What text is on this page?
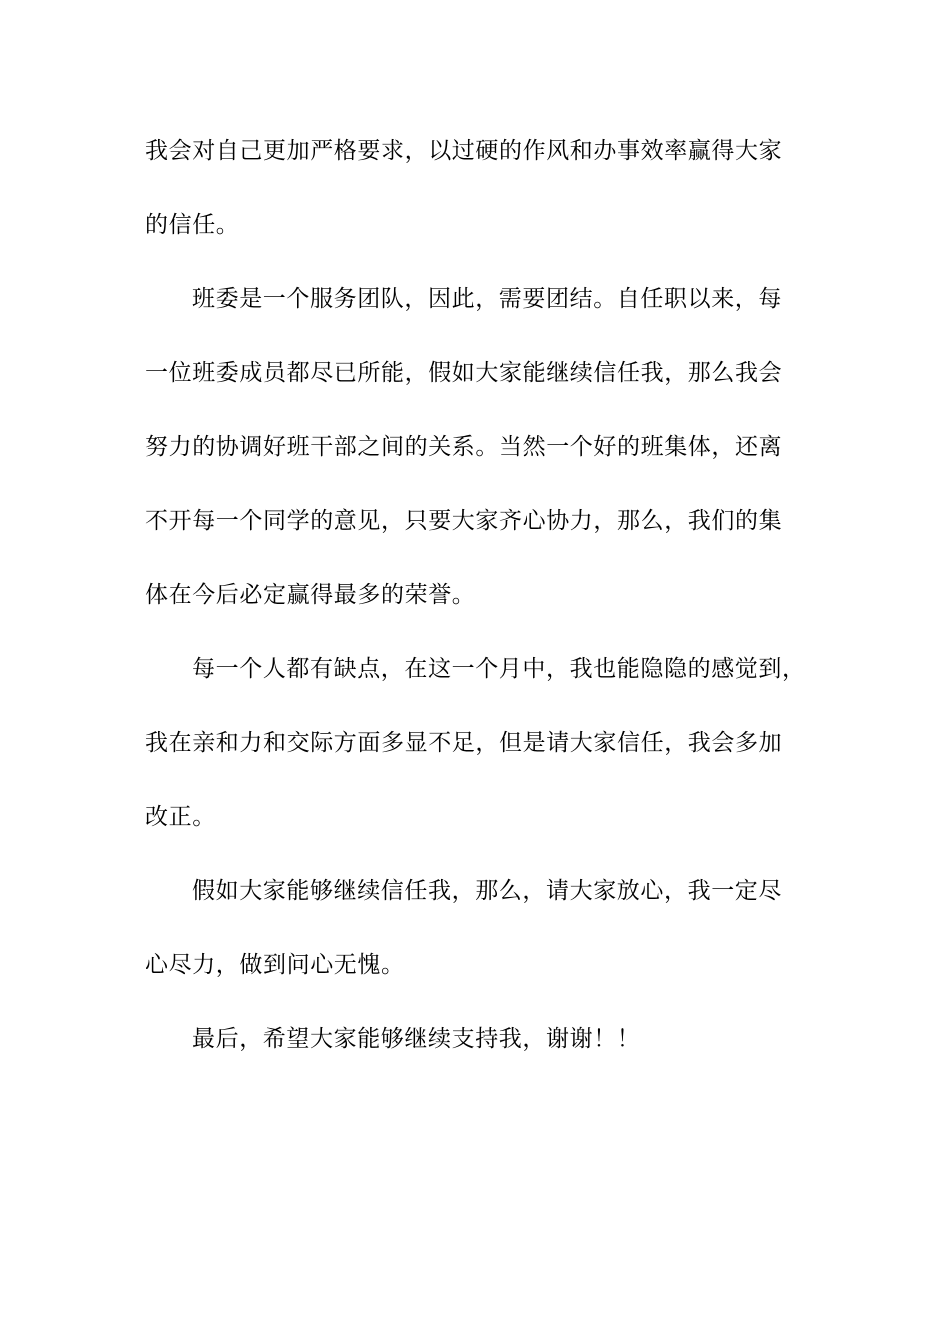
我会对自己更加严格要求，以过硬的作风和办事效率赢得大家
的信任。
班委是一个服务团队，因此，需要团结。自任职以来，每
一位班委成员都尽已所能，假如大家能继续信任我，那么我会
努力的协调好班干部之间的关系。当然一个好的班集体，还离
不开每一个同学的意见，只要大家齐心协力，那么，我们的集
体在今后必定赢得最多的荣誉。
每一个人都有缺点，在这一个月中，我也能隐隐的感觉到，
我在亲和力和交际方面多显不足，但是请大家信任，我会多加
改正。
假如大家能够继续信任我，那么，请大家放心，我一定尽
心尽力，做到问心无愧。
最后，希望大家能够继续支持我，谢谢！！
